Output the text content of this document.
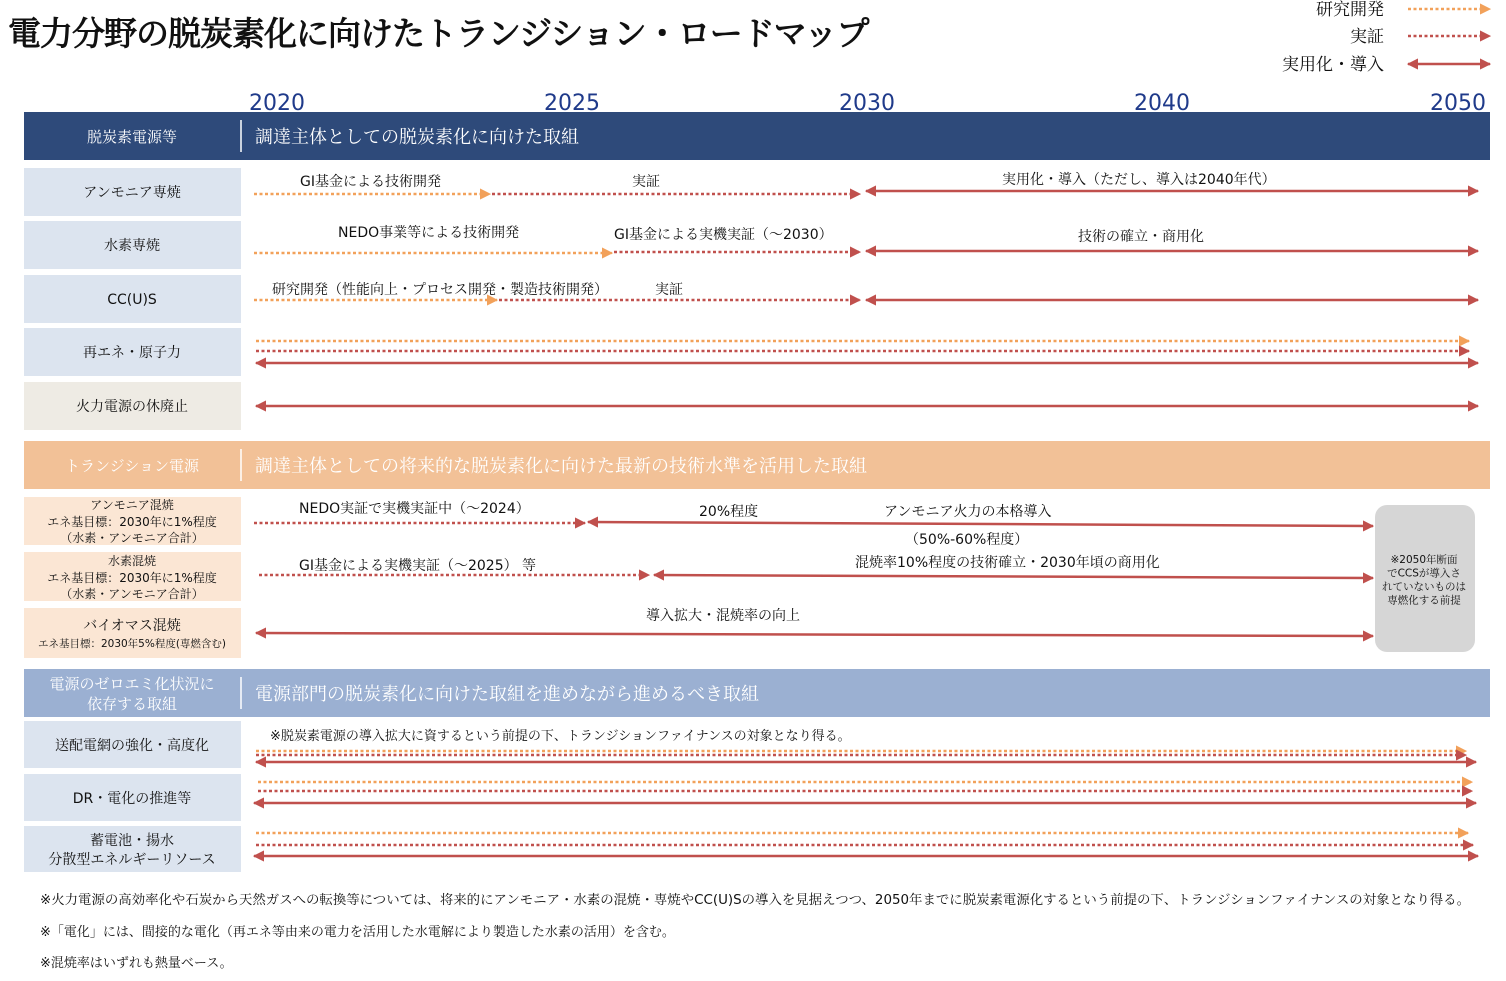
電力分野の脱炭素化に向けたトランジション・ロードマップ
研究開発
実証
実用化・導入
2020	2025	2030	2040	2050
脱炭素電源等	調達主体としての脱炭素化に向けた取組
トランジション電源	調達主体としての将来的な脱炭素化に向けた最新の技術水準を活用した取組
電源のゼロエミ化状況に
依存する取組	電源部門の脱炭素化に向けた取組を進めながら進めるべき取組
アンモニア専焼
水素専焼
CC(U)S
再エネ・原子力
火力電源の休廃止
アンモニア混焼
エネ基目標：2030年に1%程度
（水素・アンモニア合計）
水素混焼
エネ基目標：2030年に1%程度
（水素・アンモニア合計）
バイオマス混焼
エネ基目標：2030年5%程度(専燃含む)
送配電網の強化・高度化
DR・電化の推進等
蓄電池・揚水
分散型エネルギーリソース
※2050年断面
でCCSが導入さ
れていないものは
専燃化する前提
GI基金による技術開発	実証	実用化・導入（ただし、導入は2040年代）
NEDO事業等による技術開発	GI基金による実機実証（～2030）	技術の確立・商用化
研究開発（性能向上・プロセス開発・製造技術開発）	実証
NEDO実証で実機実証中（～2024）	20%程度	アンモニア火力の本格導入
（50%-60%程度）
GI基金による実機実証（～2025） 等	混焼率10%程度の技術確立・2030年頃の商用化
導入拡大・混焼率の向上
※脱炭素電源の導入拡大に資するという前提の下、トランジションファイナンスの対象となり得る。
※火力電源の高効率化や石炭から天然ガスへの転換等については、将来的にアンモニア・水素の混焼・専焼やCC(U)Sの導入を見据えつつ、2050年までに脱炭素電源化するという前提の下、トランジションファイナンスの対象となり得る。
※「電化」には、間接的な電化（再エネ等由来の電力を活用した水電解により製造した水素の活用）を含む。
※混焼率はいずれも熱量ベース。
